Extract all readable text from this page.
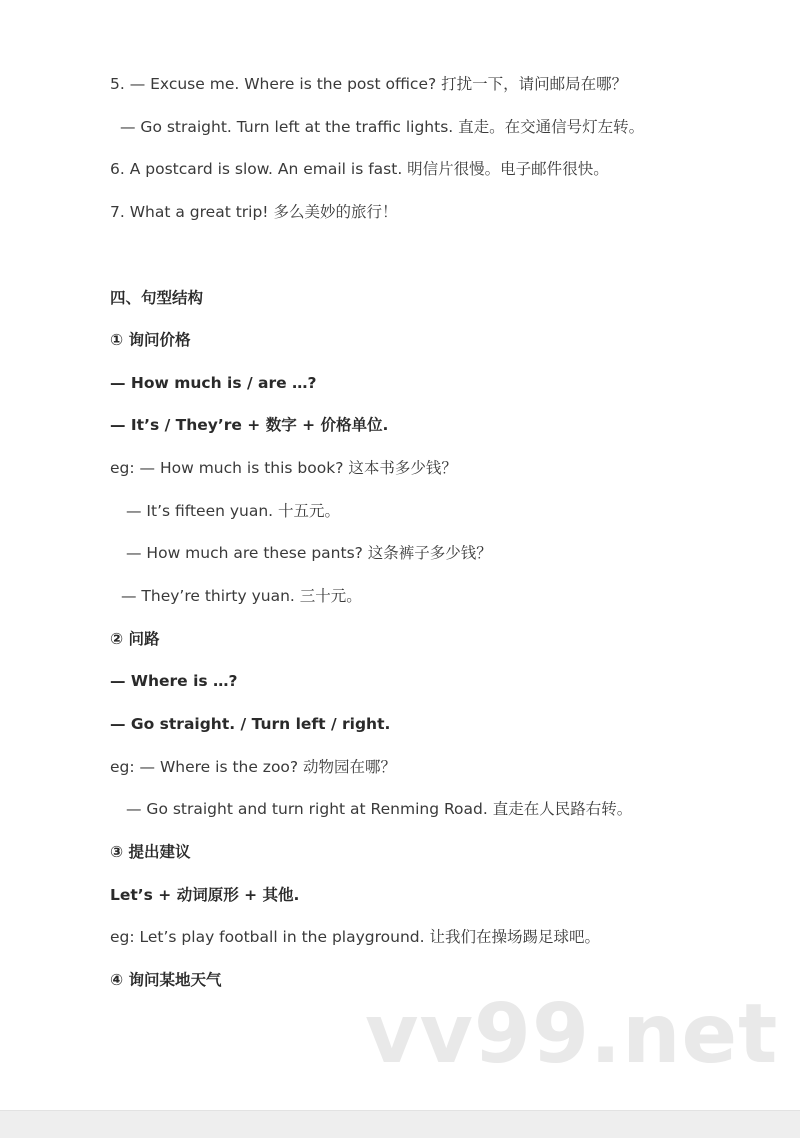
5. — Excuse me. Where is the post office? 打扰一下，请问邮局在哪？
— Go straight. Turn left at the traffic lights. 直走。在交通信号灯左转。
6. A postcard is slow. An email is fast. 明信片很慢。电子邮件很快。
7. What a great trip! 多么美妙的旅行！
四、句型结构
① 询问价格
— How much is / are …?
— It’s / They’re + 数字 + 价格单位.
eg: — How much is this book? 这本书多少钱？
— It’s fifteen yuan. 十五元。
— How much are these pants? 这条裤子多少钱？
— They’re thirty yuan. 三十元。
② 问路
— Where is …?
— Go straight. / Turn left / right.
eg: — Where is the zoo? 动物园在哪？
— Go straight and turn right at Renming Road. 直走在人民路右转。
③ 提出建议
Let’s + 动词原形 + 其他.
eg: Let’s play football in the playground. 让我们在操场踢足球吧。
④ 询问某地天气
vv99.net
